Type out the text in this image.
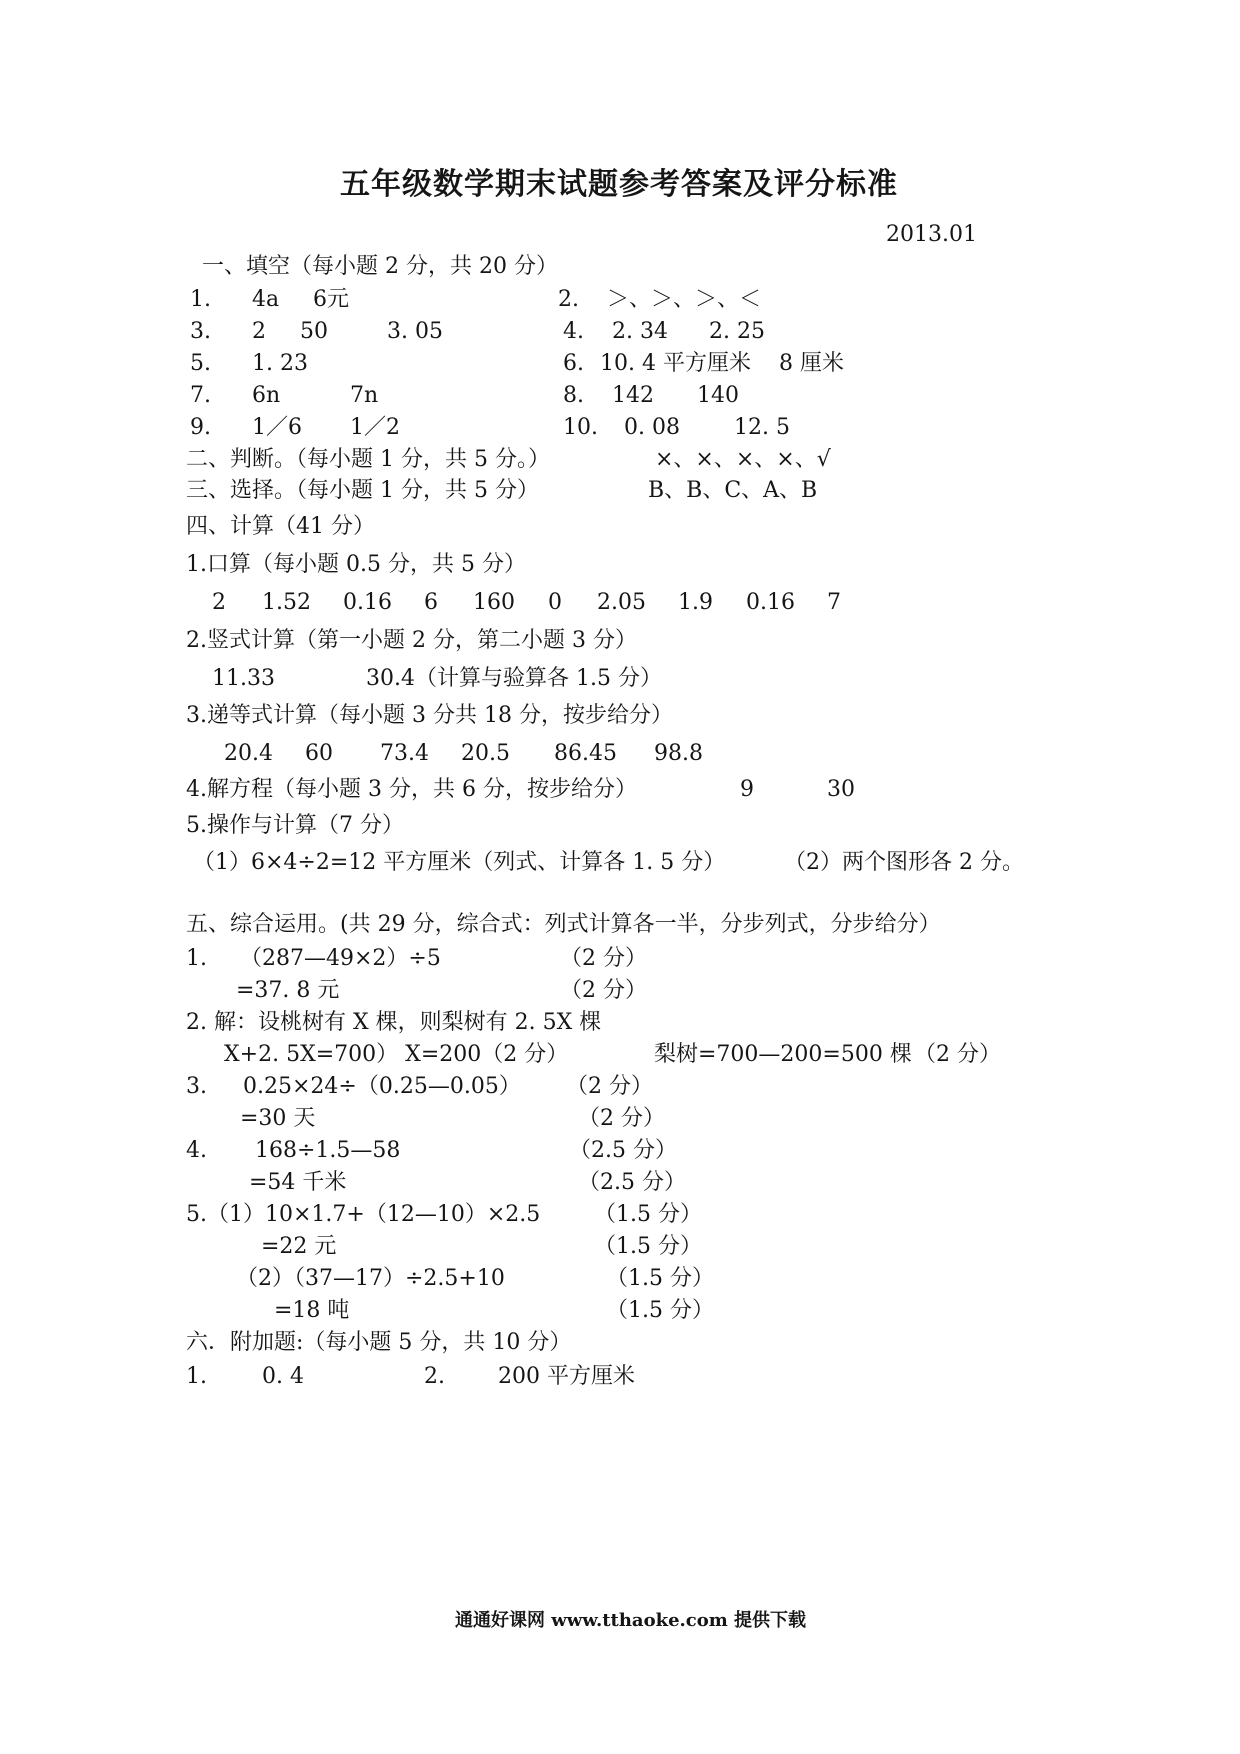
五年级数学期末试题参考答案及评分标准
2013.01
一、填空（每小题 2 分，共 20 分）
1. 4a 6元	2. ＞、＞、＞、＜
3. 2 50	3. 05	4. 2. 34 2. 25
5. 1. 23	6. 10. 4 平方厘米 8 厘米
7. 6n	7n	8. 142 140
9. 1／6 1／2	10. 0. 08 12. 5
二、判断。（每小题 1 分，共 5 分。）	×、×、×、×、√
三、选择。（每小题 1 分，共 5 分）	B、B、C、A、B
四、计算（41 分）
1.口算（每小题 0.5 分，共 5 分）
2 1.52 0.16 6 160 0 2.05 1.9 0.16 7
2.竖式计算（第一小题 2 分，第二小题 3 分）
11.33	30.4（计算与验算各 1.5 分）
3.递等式计算（每小题 3 分共 18 分，按步给分）
20.4 60 73.4 20.5 86.45 98.8
4.解方程（每小题 3 分，共 6 分，按步给分）	9	30
5.操作与计算（7 分）
（1）6×4÷2=12 平方厘米（列式、计算各 1. 5 分）	（2）两个图形各 2 分。
五、综合运用。(共 29 分，综合式：列式计算各一半，分步列式，分步给分）
1. （287—49×2）÷5	（2 分）
=37. 8 元	（2 分）
2. 解：设桃树有 X 棵，则梨树有 2. 5X 棵
X+2. 5X=700） X=200（2 分）	梨树=700—200=500 棵 （2 分）
3. 0.25×24÷（0.25—0.05） （2 分）
=30 天	（2 分）
4. 168÷1.5—58	（2.5 分）
=54 千米	（2.5 分）
5.（1）10×1.7+（12—10）×2.5 （1.5 分）
=22 元	（1.5 分）
（2）（37—17）÷2.5+10	（1.5 分）
=18 吨	（1.5 分）
六．附加题:（每小题 5 分，共 10 分）
1.	0. 4	2. 200 平方厘米
通通好课网 www.tthaoke.com 提供下载
